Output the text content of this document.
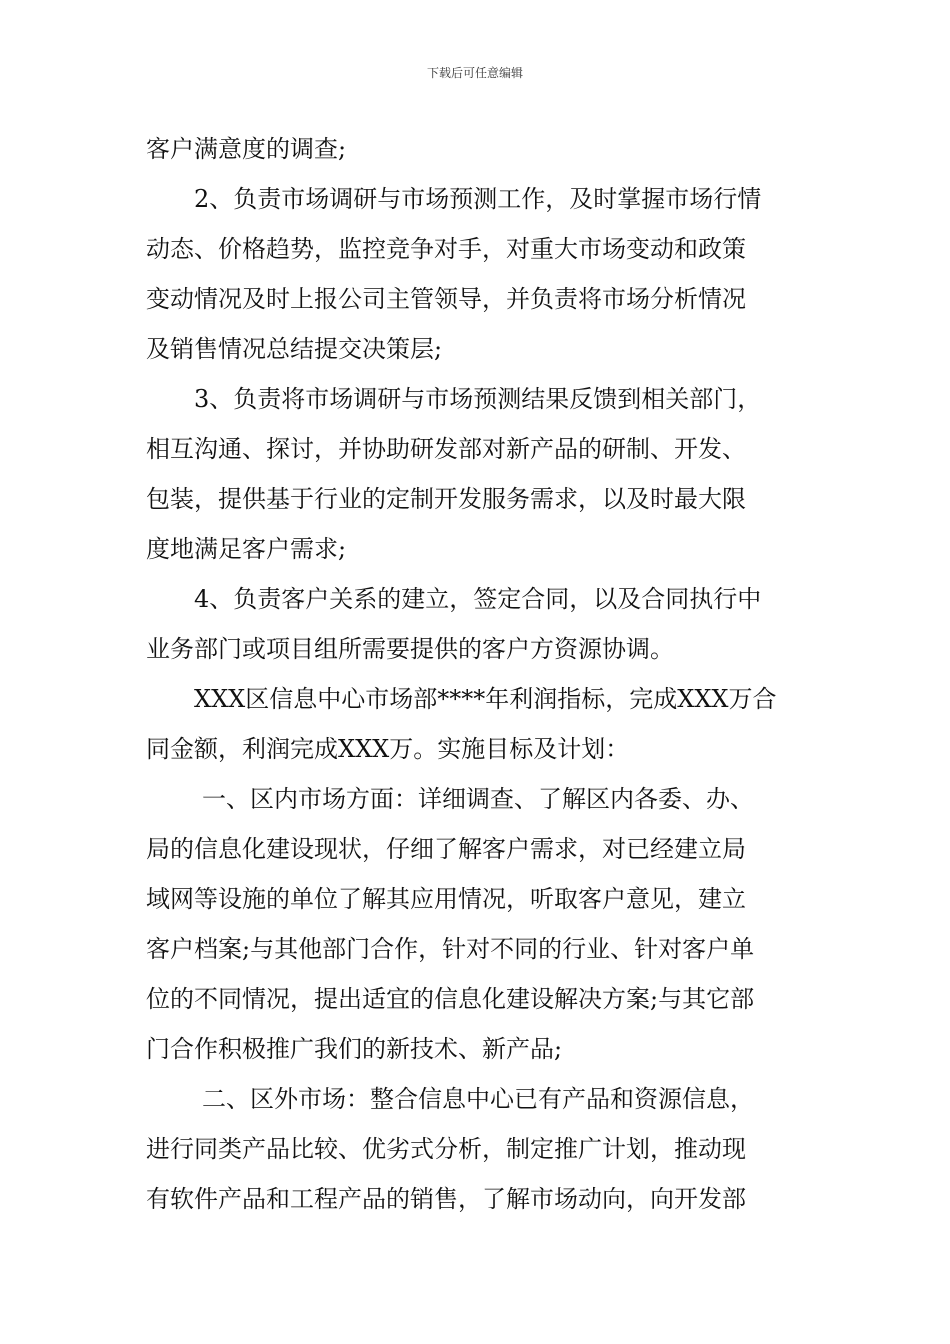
下载后可任意编辑
客户满意度的调查;
2、负责市场调研与市场预测工作，及时掌握市场行情
动态、价格趋势，监控竞争对手，对重大市场变动和政策
变动情况及时上报公司主管领导，并负责将市场分析情况
及销售情况总结提交决策层;
3、负责将市场调研与市场预测结果反馈到相关部门，
相互沟通、探讨，并协助研发部对新产品的研制、开发、
包装，提供基于行业的定制开发服务需求，以及时最大限
度地满足客户需求;
4、负责客户关系的建立，签定合同，以及合同执行中
业务部门或项目组所需要提供的客户方资源协调。
XXX区信息中心市场部****年利润指标，完成XXX万合
同金额，利润完成XXX万。实施目标及计划：
一、区内市场方面：详细调查、了解区内各委、办、
局的信息化建设现状，仔细了解客户需求，对已经建立局
域网等设施的单位了解其应用情况，听取客户意见，建立
客户档案;与其他部门合作，针对不同的行业、针对客户单
位的不同情况，提出适宜的信息化建设解决方案;与其它部
门合作积极推广我们的新技术、新产品;
二、区外市场：整合信息中心已有产品和资源信息，
进行同类产品比较、优劣式分析，制定推广计划，推动现
有软件产品和工程产品的销售，了解市场动向，向开发部
